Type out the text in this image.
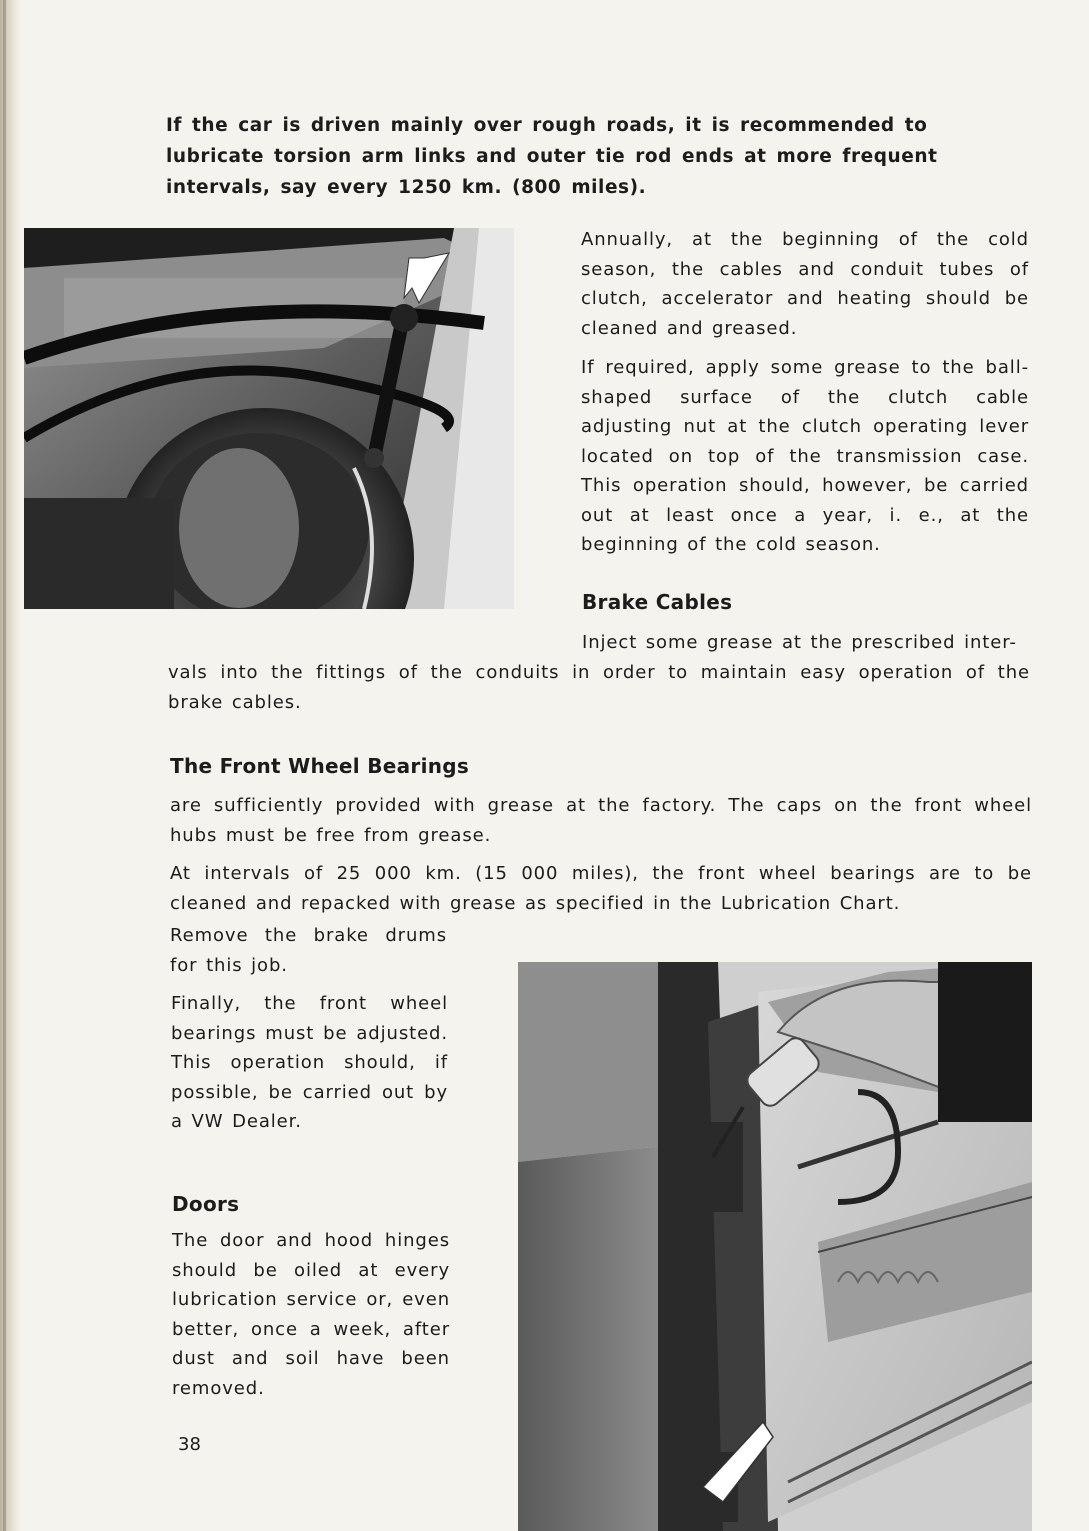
If the car is driven mainly over rough roads, it is recommended to lubricate torsion arm links and outer tie rod ends at more frequent intervals, say every 1250 km. (800 miles).

Annually, at the beginning of the cold season, the cables and conduit tubes of clutch, accelerator and heating should be cleaned and greased.

If required, apply some grease to the ball-shaped surface of the clutch cable adjusting nut at the clutch operating lever located on top of the transmission case. This operation should, however, be carried out at least once a year, i. e., at the beginning of the cold season.

Brake Cables

Inject some grease at the prescribed inter-

vals into the fittings of the conduits in order to maintain easy operation of the brake cables.

The Front Wheel Bearings

are sufficiently provided with grease at the factory. The caps on the front wheel hubs must be free from grease.

At intervals of 25 000 km. (15 000 miles), the front wheel bearings are to be cleaned and repacked with grease as specified in the Lubrication Chart.

Remove the brake drums for this job.

Finally, the front wheel bearings must be adjusted. This operation should, if possible, be carried out by a VW Dealer.

Doors

The door and hood hinges should be oiled at every lubrication service or, even better, once a week, after dust and soil have been removed.

38
